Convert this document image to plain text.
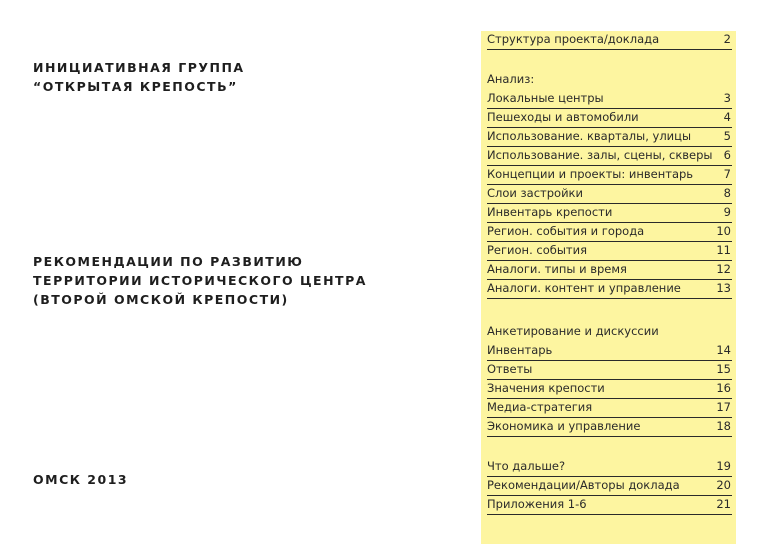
ИНИЦИАТИВНАЯ ГРУППА
“ОТКРЫТАЯ КРЕПОСТЬ”
РЕКОМЕНДАЦИИ ПО РАЗВИТИЮ
ТЕРРИТОРИИ ИСТОРИЧЕСКОГО ЦЕНТРА
(ВТОРОЙ ОМСКОЙ КРЕПОСТИ)
ОМСК 2013
Структура проекта/доклада	2
Анализ:
Локальные центры	3
Пешеходы и автомобили	4
Использование. кварталы, улицы	5
Использование. залы, сцены, скверы 6
Концепции и проекты: инвентарь	7
Слои застройки	8
Инвентарь крепости	9
Регион. события и города	10
Регион. события	11
Аналоги. типы и время	12
Аналоги. контент и управление	13
Анкетирование и дискуссии
Инвентарь	14
Ответы	15
Значения крепости	16
Медиа-стратегия	17
Экономика и управление	18
Что дальше?	19
Рекомендации/Авторы доклада	20
Приложения 1-6	21
